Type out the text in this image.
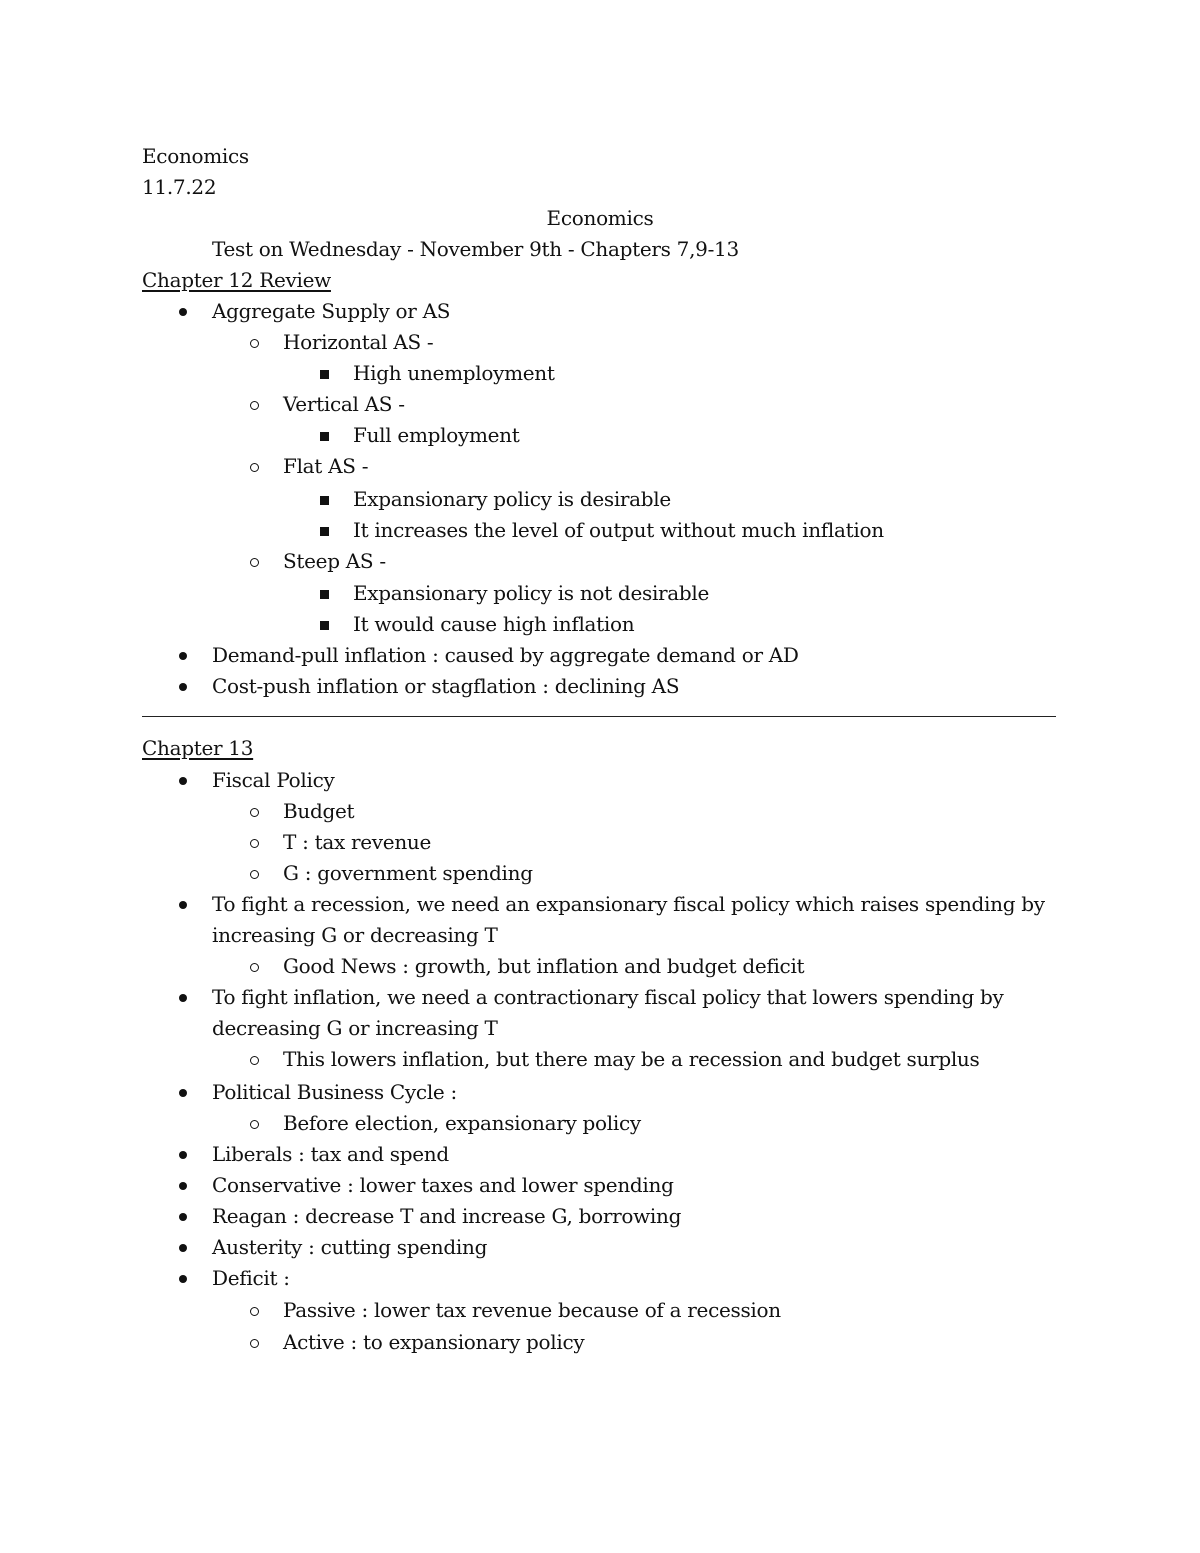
Economics
11.7.22
Economics
Test on Wednesday - November 9th - Chapters 7,9-13
Chapter 12 Review
Aggregate Supply or AS
Horizontal AS -
High unemployment
Vertical AS -
Full employment
Flat AS -
Expansionary policy is desirable
It increases the level of output without much inflation
Steep AS -
Expansionary policy is not desirable
It would cause high inflation
Demand-pull inflation : caused by aggregate demand or AD
Cost-push inflation or stagflation : declining AS
Chapter 13
Fiscal Policy
Budget
T : tax revenue
G : government spending
To fight a recession, we need an expansionary fiscal policy which raises spending by
increasing G or decreasing T
Good News : growth, but inflation and budget deficit
To fight inflation, we need a contractionary fiscal policy that lowers spending by
decreasing G or increasing T
This lowers inflation, but there may be a recession and budget surplus
Political Business Cycle :
Before election, expansionary policy
Liberals : tax and spend
Conservative : lower taxes and lower spending
Reagan : decrease T and increase G, borrowing
Austerity : cutting spending
Deficit :
Passive : lower tax revenue because of a recession
Active : to expansionary policy
